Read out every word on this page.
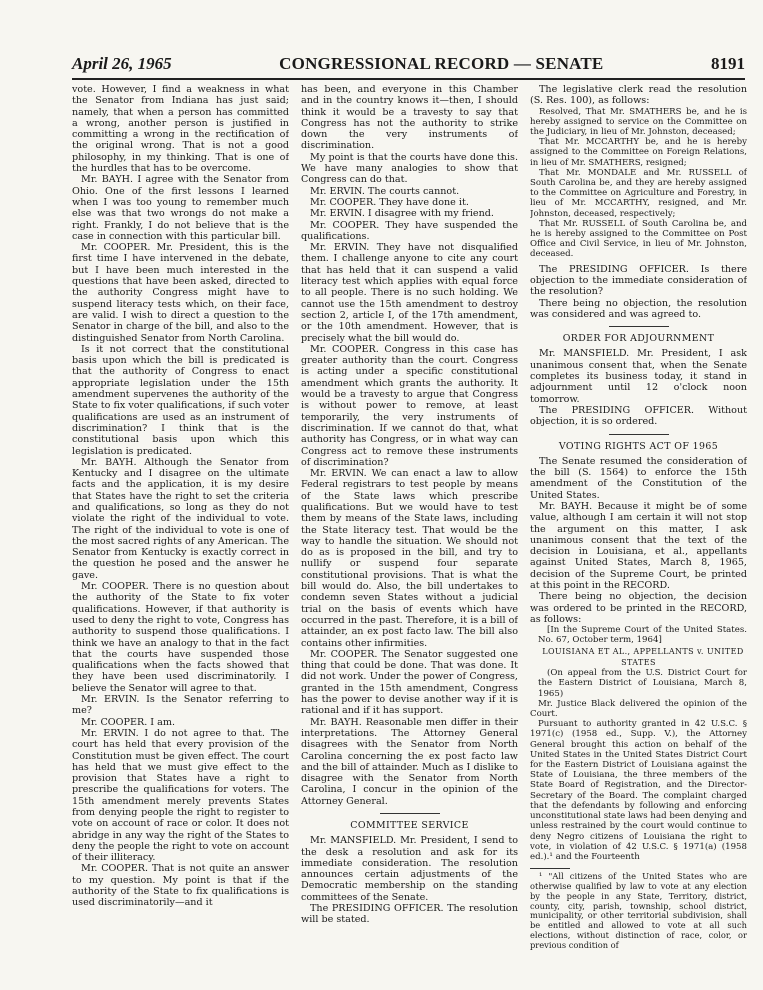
April 26, 1965	CONGRESSIONAL RECORD — SENATE	8191

vote. However, I find a weakness in what the Senator from Indiana has just said; namely, that when a person has committed a wrong, another person is justified in committing a wrong in the rectification of the original wrong. That is not a good philosophy, in my thinking. That is one of the hurdles that has to be overcome.

Mr. BAYH. I agree with the Senator from Ohio. One of the first lessons I learned when I was too young to remember much else was that two wrongs do not make a right. Frankly, I do not believe that is the case in connection with this particular bill.

Mr. COOPER. Mr. President, this is the first time I have intervened in the debate, but I have been much interested in the questions that have been asked, directed to the authority Congress might have to suspend literacy tests which, on their face, are valid. I wish to direct a question to the Senator in charge of the bill, and also to the distinguished Senator from North Carolina.

Is it not correct that the constitutional basis upon which the bill is predicated is that the authority of Congress to enact appropriate legislation under the 15th amendment supervenes the authority of the State to fix voter qualifications, if such voter qualifications are used as an instrument of discrimination? I think that is the constitutional basis upon which this legislation is predicated.

Mr. BAYH. Although the Senator from Kentucky and I disagree on the ultimate facts and the application, it is my desire that States have the right to set the criteria and qualifications, so long as they do not violate the right of the individual to vote. The right of the individual to vote is one of the most sacred rights of any American. The Senator from Kentucky is exactly correct in the question he posed and the answer he gave.

Mr. COOPER. There is no question about the authority of the State to fix voter qualifications. However, if that authority is used to deny the right to vote, Congress has authority to suspend those qualifications. I think we have an analogy to that in the fact that the courts have suspended those qualifications when the facts showed that they have been used discriminatorily. I believe the Senator will agree to that.

Mr. ERVIN. Is the Senator referring to me?

Mr. COOPER. I am.

Mr. ERVIN. I do not agree to that. The court has held that every provision of the Constitution must be given effect. The court has held that we must give effect to the provision that States have a right to prescribe the qualifications for voters. The 15th amendment merely prevents States from denying people the right to register to vote on account of race or color. It does not abridge in any way the right of the States to deny the people the right to vote on account of their illiteracy.

Mr. COOPER. That is not quite an answer to my question. My point is that if the authority of the State to fix qualifications is used discriminatorily—and it

has been, and everyone in this Chamber and in the country knows it—then, I should think it would be a travesty to say that Congress has not the authority to strike down the very instruments of discrimination.

My point is that the courts have done this. We have many analogies to show that Congress can do that.

Mr. ERVIN. The courts cannot.

Mr. COOPER. They have done it.

Mr. ERVIN. I disagree with my friend.

Mr. COOPER. They have suspended the qualifications.

Mr. ERVIN. They have not disqualified them. I challenge anyone to cite any court that has held that it can suspend a valid literacy test which applies with equal force to all people. There is no such holding. We cannot use the 15th amendment to destroy section 2, article I, of the 17th amendment, or the 10th amendment. However, that is precisely what the bill would do.

Mr. COOPER. Congress in this case has greater authority than the court. Congress is acting under a specific constitutional amendment which grants the authority. It would be a travesty to argue that Congress is without power to remove, at least temporarily, the very instruments of discrimination. If we cannot do that, what authority has Congress, or in what way can Congress act to remove these instruments of discrimination?

Mr. ERVIN. We can enact a law to allow Federal registrars to test people by means of the State laws which prescribe qualifications. But we would have to test them by means of the State laws, including the State literacy test. That would be the way to handle the situation. We should not do as is proposed in the bill, and try to nullify or suspend four separate constitutional provisions. That is what the bill would do. Also, the bill undertakes to condemn seven States without a judicial trial on the basis of events which have occurred in the past. Therefore, it is a bill of attainder, an ex post facto law. The bill also contains other infirmities.

Mr. COOPER. The Senator suggested one thing that could be done. That was done. It did not work. Under the power of Congress, granted in the 15th amendment, Congress has the power to devise another way if it is rational and if it has support.

Mr. BAYH. Reasonable men differ in their interpretations. The Attorney General disagrees with the Senator from North Carolina concerning the ex post facto law and the bill of attainder. Much as I dislike to disagree with the Senator from North Carolina, I concur in the opinion of the Attorney General.

COMMITTEE SERVICE

Mr. MANSFIELD. Mr. President, I send to the desk a resolution and ask for its immediate consideration. The resolution announces certain adjustments of the Democratic membership on the standing committees of the Senate.

The PRESIDING OFFICER. The resolution will be stated.

The legislative clerk read the resolution (S. Res. 100), as follows:

Resolved, That Mr. SMATHERS be, and he is hereby assigned to service on the Committee on the Judiciary, in lieu of Mr. Johnston, deceased;

That Mr. MCCARTHY be, and he is hereby assigned to the Committee on Foreign Relations, in lieu of Mr. SMATHERS, resigned;

That Mr. MONDALE and Mr. RUSSELL of South Carolina be, and they are hereby assigned to the Committee on Agriculture and Forestry, in lieu of Mr. MCCARTHY, resigned, and Mr. Johnston, deceased, respectively;

That Mr. RUSSELL of South Carolina be, and he is hereby assigned to the Committee on Post Office and Civil Service, in lieu of Mr. Johnston, deceased.

The PRESIDING OFFICER. Is there objection to the immediate consideration of the resolution?

There being no objection, the resolution was considered and was agreed to.

ORDER FOR ADJOURNMENT

Mr. MANSFIELD. Mr. President, I ask unanimous consent that, when the Senate completes its business today, it stand in adjournment until 12 o'clock noon tomorrow.

The PRESIDING OFFICER. Without objection, it is so ordered.

VOTING RIGHTS ACT OF 1965

The Senate resumed the consideration of the bill (S. 1564) to enforce the 15th amendment of the Constitution of the United States.

Mr. BAYH. Because it might be of some value, although I am certain it will not stop the argument on this matter, I ask unanimous consent that the text of the decision in Louisiana, et al., appellants against United States, March 8, 1965, decision of the Supreme Court, be printed at this point in the RECORD.

There being no objection, the decision was ordered to be printed in the RECORD, as follows:

[In the Supreme Court of the United States. No. 67, October term, 1964]

LOUISIANA ET AL., APPELLANTS v. UNITED STATES

(On appeal from the U.S. District Court for the Eastern District of Louisiana, March 8, 1965)

Mr. Justice Black delivered the opinion of the Court.

Pursuant to authority granted in 42 U.S.C. § 1971(c) (1958 ed., Supp. V.), the Attorney General brought this action on behalf of the United States in the United States District Court for the Eastern District of Louisiana against the State of Louisiana, the three members of the State Board of Registration, and the Director-Secretary of the Board. The complaint charged that the defendants by following and enforcing unconstitutional state laws had been denying and unless restrained by the court would continue to deny Negro citizens of Louisiana the right to vote, in violation of 42 U.S.C. § 1971(a) (1958 ed.).¹ and the Fourteenth

¹ "All citizens of the United States who are otherwise qualified by law to vote at any election by the people in any State, Territory, district, county, city, parish, township, school district, municipality, or other territorial subdivision, shall be entitled and allowed to vote at all such elections, without distinction of race, color, or previous condition of
